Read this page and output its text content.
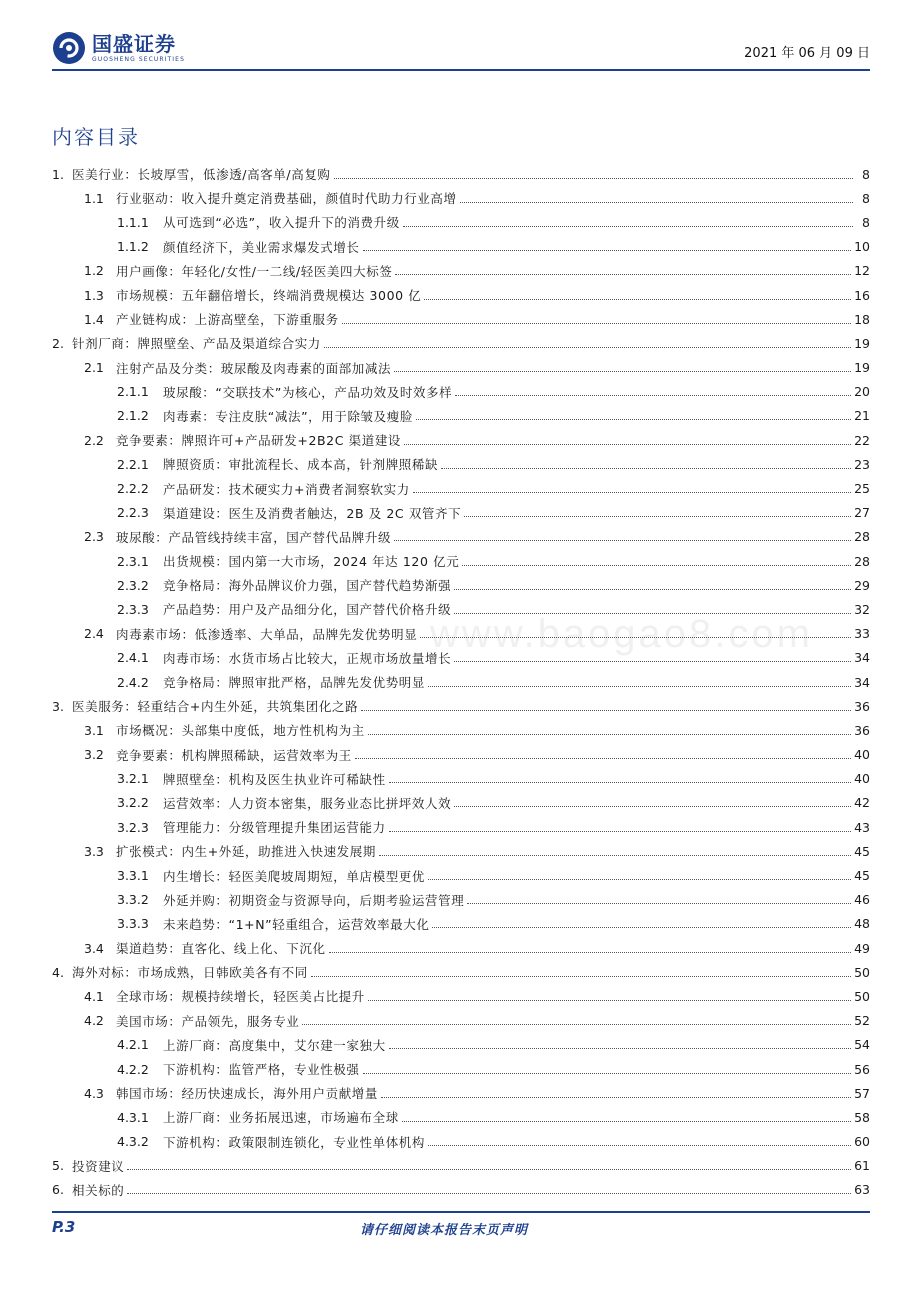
国盛证券
GUOSHENG SECURITIES	2021 年 06 月 09 日
内容目录
www.baogao8.com
1. 医美行业：长坡厚雪，低渗透/高客单/高复购	8
1.1 行业驱动：收入提升奠定消费基础，颜值时代助力行业高增	8
1.1.1	从可选到“必选”，收入提升下的消费升级	8
1.1.2	颜值经济下，美业需求爆发式增长	10
1.2 用户画像：年轻化/女性/一二线/轻医美四大标签	12
1.3 市场规模：五年翻倍增长，终端消费规模达 3000 亿	16
1.4 产业链构成：上游高壁垒，下游重服务	18
2. 针剂厂商：牌照壁垒、产品及渠道综合实力	19
2.1 注射产品及分类：玻尿酸及肉毒素的面部加减法	19
2.1.1	玻尿酸：“交联技术”为核心，产品功效及时效多样	20
2.1.2	肉毒素：专注皮肤“减法”，用于除皱及瘦脸	21
2.2 竞争要素：牌照许可+产品研发+2B2C 渠道建设	22
2.2.1	牌照资质：审批流程长、成本高，针剂牌照稀缺	23
2.2.2	产品研发：技术硬实力+消费者洞察软实力	25
2.2.3	渠道建设：医生及消费者触达，2B 及 2C 双管齐下	27
2.3 玻尿酸：产品管线持续丰富，国产替代品牌升级	28
2.3.1	出货规模：国内第一大市场，2024 年达 120 亿元	28
2.3.2	竞争格局：海外品牌议价力强，国产替代趋势渐强	29
2.3.3	产品趋势：用户及产品细分化，国产替代价格升级	32
2.4 肉毒素市场：低渗透率、大单品，品牌先发优势明显	33
2.4.1	肉毒市场：水货市场占比较大，正规市场放量增长	34
2.4.2	竞争格局：牌照审批严格，品牌先发优势明显	34
3. 医美服务：轻重结合+内生外延，共筑集团化之路	36
3.1 市场概况：头部集中度低，地方性机构为主	36
3.2 竞争要素：机构牌照稀缺，运营效率为王	40
3.2.1	牌照壁垒：机构及医生执业许可稀缺性	40
3.2.2	运营效率：人力资本密集，服务业态比拼坪效人效	42
3.2.3	管理能力：分级管理提升集团运营能力	43
3.3 扩张模式：内生+外延，助推进入快速发展期	45
3.3.1	内生增长：轻医美爬坡周期短，单店模型更优	45
3.3.2	外延并购：初期资金与资源导向，后期考验运营管理	46
3.3.3	未来趋势：“1+N”轻重组合，运营效率最大化	48
3.4 渠道趋势：直客化、线上化、下沉化	49
4. 海外对标：市场成熟，日韩欧美各有不同	50
4.1 全球市场：规模持续增长，轻医美占比提升	50
4.2 美国市场：产品领先，服务专业	52
4.2.1	上游厂商：高度集中，艾尔建一家独大	54
4.2.2	下游机构：监管严格，专业性极强	56
4.3 韩国市场：经历快速成长，海外用户贡献增量	57
4.3.1	上游厂商：业务拓展迅速，市场遍布全球	58
4.3.2	下游机构：政策限制连锁化，专业性单体机构	60
5. 投资建议	61
6. 相关标的	63
P.3	请仔细阅读本报告末页声明
